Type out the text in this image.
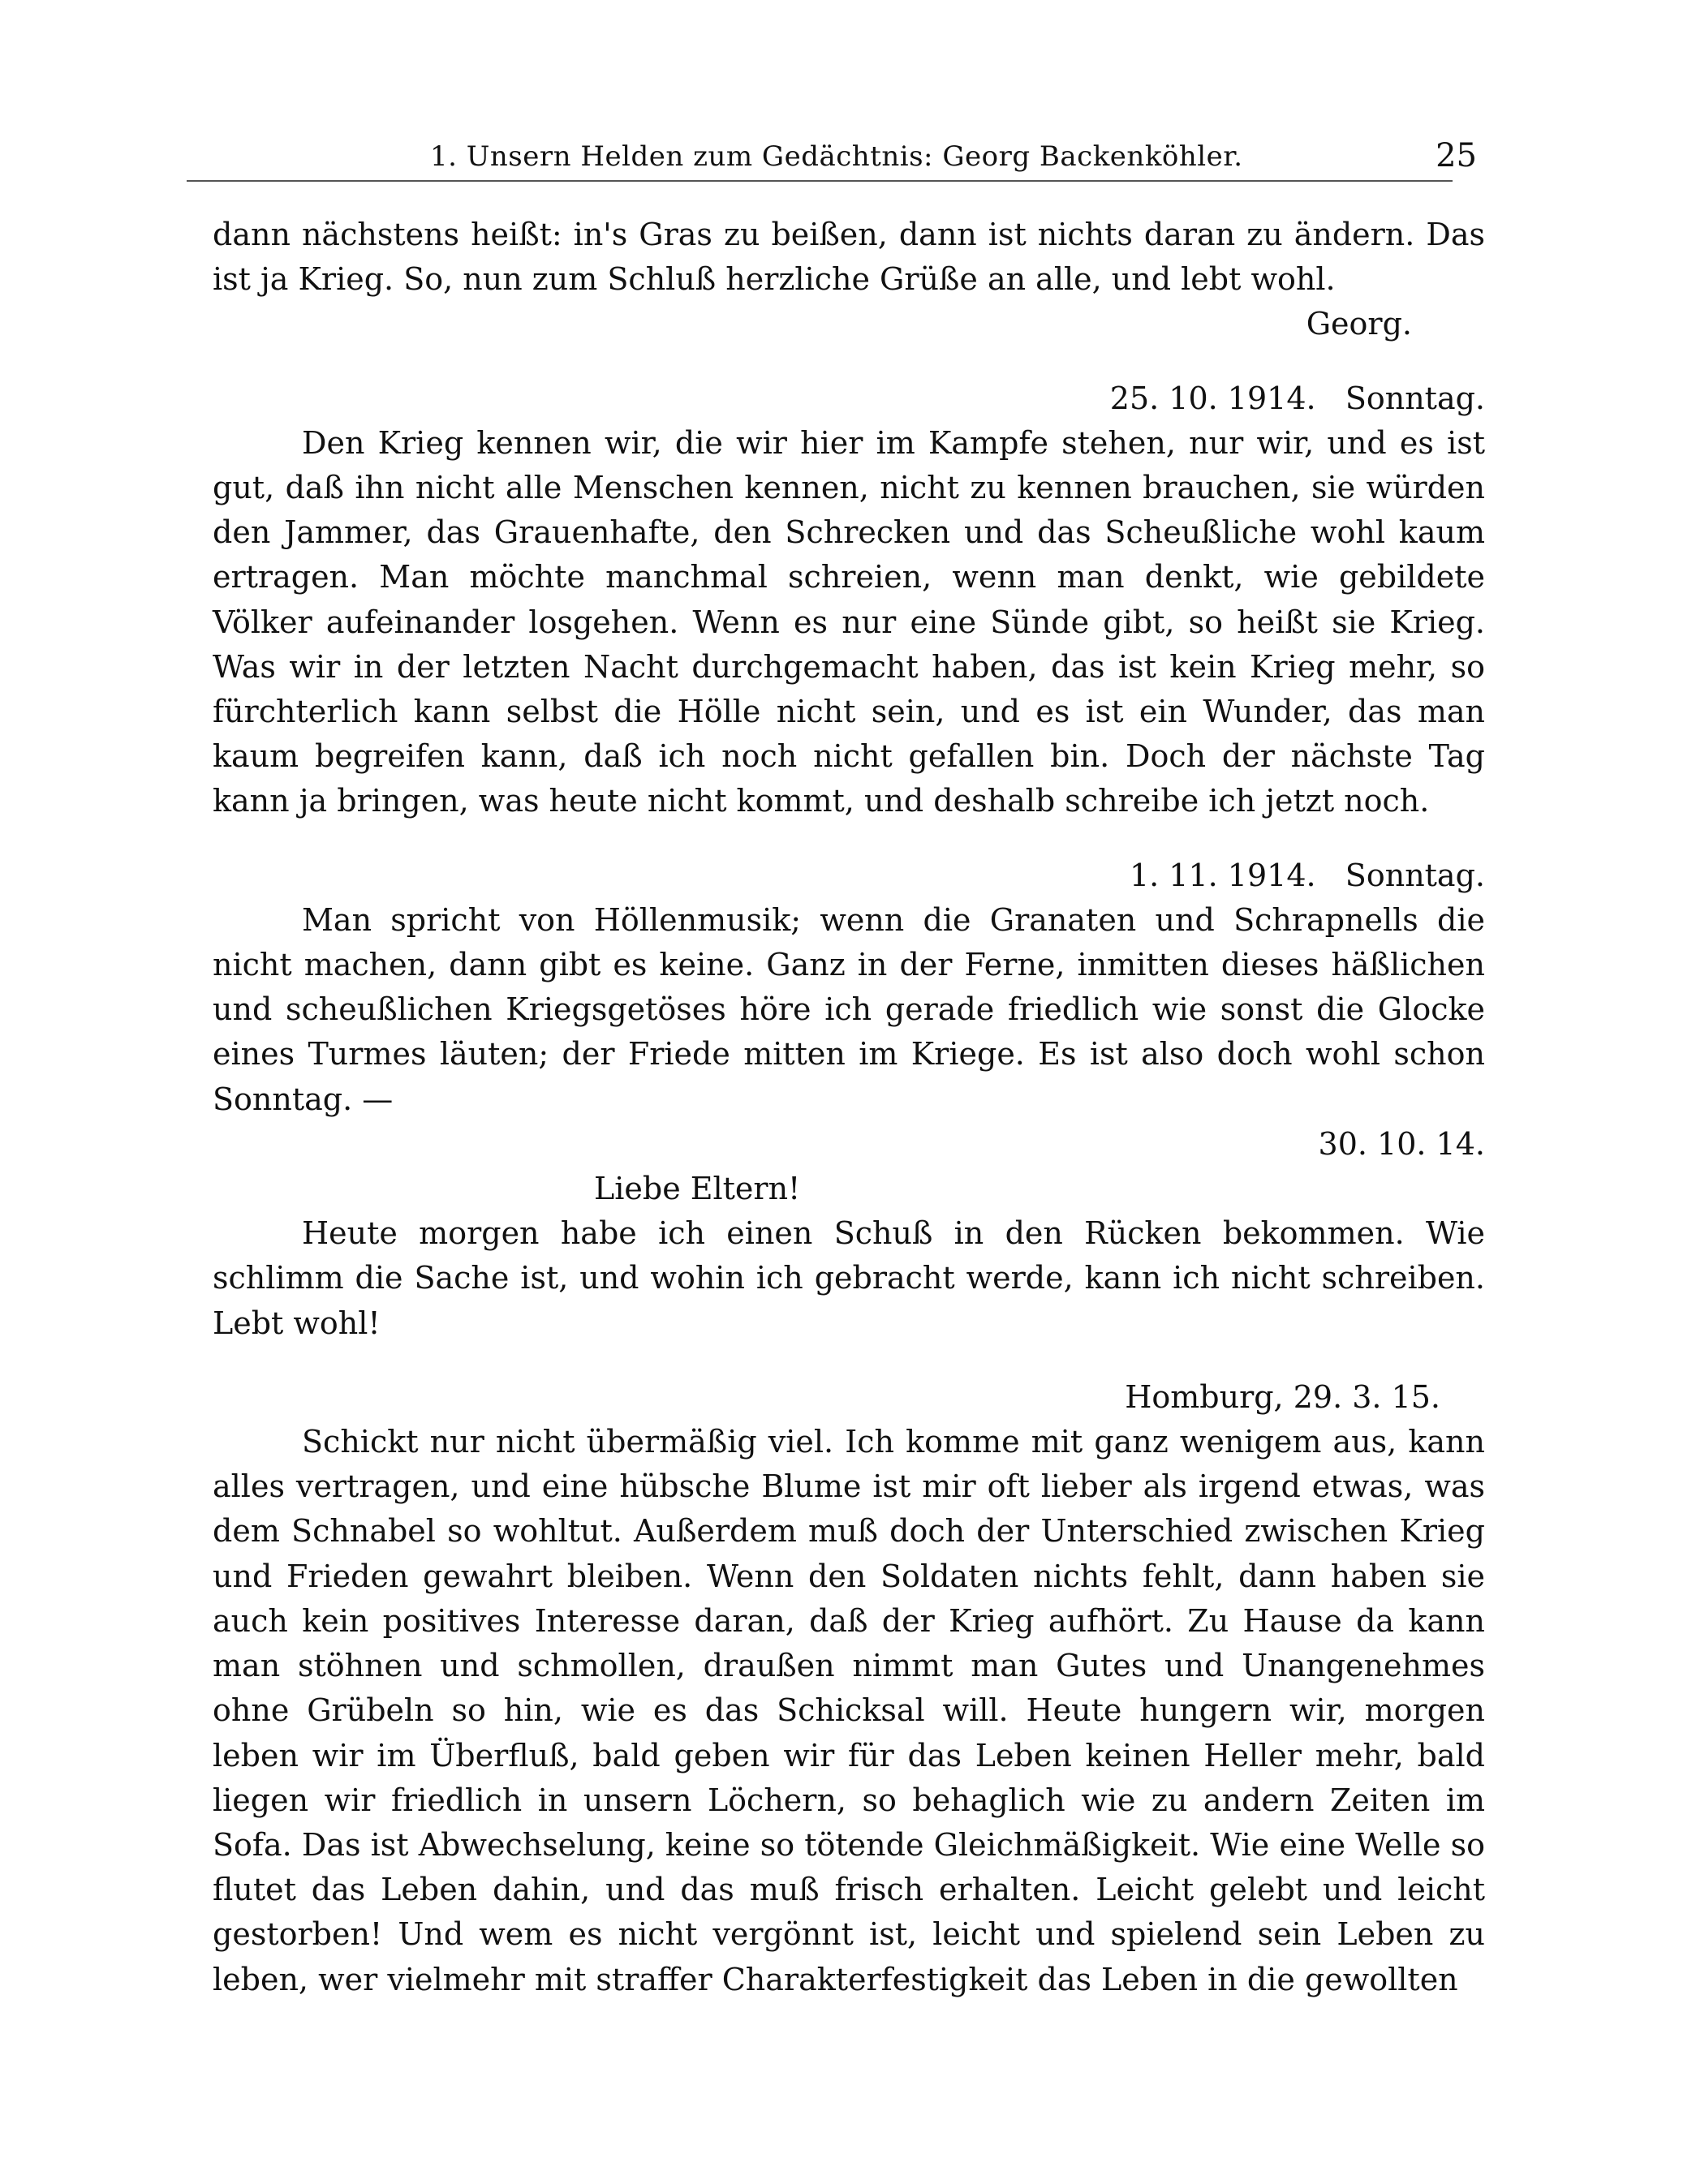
1. Unsern Helden zum Gedächtnis: Georg Backenköhler.	25

dann nächstens heißt: in's Gras zu beißen, dann ist nichts daran zu ändern. Das ist ja Krieg. So, nun zum Schluß herzliche Grüße an alle, und lebt wohl.

Georg.

25. 10. 1914.   Sonntag.

Den Krieg kennen wir, die wir hier im Kampfe stehen, nur wir, und es ist gut, daß ihn nicht alle Menschen kennen, nicht zu kennen brauchen, sie würden den Jammer, das Grauenhafte, den Schrecken und das Scheußliche wohl kaum ertragen. Man möchte manchmal schreien, wenn man denkt, wie gebildete Völker aufeinander losgehen. Wenn es nur eine Sünde gibt, so heißt sie Krieg. Was wir in der letzten Nacht durchgemacht haben, das ist kein Krieg mehr, so fürchterlich kann selbst die Hölle nicht sein, und es ist ein Wunder, das man kaum begreifen kann, daß ich noch nicht gefallen bin. Doch der nächste Tag kann ja bringen, was heute nicht kommt, und deshalb schreibe ich jetzt noch.

1. 11. 1914.   Sonntag.

Man spricht von Höllenmusik; wenn die Granaten und Schrapnells die nicht machen, dann gibt es keine. Ganz in der Ferne, inmitten dieses häßlichen und scheußlichen Kriegsgetöses höre ich gerade friedlich wie sonst die Glocke eines Turmes läuten; der Friede mitten im Kriege. Es ist also doch wohl schon Sonntag. —

30. 10. 14.

Liebe Eltern!

Heute morgen habe ich einen Schuß in den Rücken bekommen. Wie schlimm die Sache ist, und wohin ich gebracht werde, kann ich nicht schreiben. Lebt wohl!

Homburg, 29. 3. 15.

Schickt nur nicht übermäßig viel. Ich komme mit ganz wenigem aus, kann alles vertragen, und eine hübsche Blume ist mir oft lieber als irgend etwas, was dem Schnabel so wohltut. Außerdem muß doch der Unterschied zwischen Krieg und Frieden gewahrt bleiben. Wenn den Soldaten nichts fehlt, dann haben sie auch kein positives Interesse daran, daß der Krieg aufhört. Zu Hause da kann man stöhnen und schmollen, draußen nimmt man Gutes und Unangenehmes ohne Grübeln so hin, wie es das Schicksal will. Heute hungern wir, morgen leben wir im Überfluß, bald geben wir für das Leben keinen Heller mehr, bald liegen wir friedlich in unsern Löchern, so behaglich wie zu andern Zeiten im Sofa. Das ist Abwechselung, keine so tötende Gleichmäßigkeit. Wie eine Welle so flutet das Leben dahin, und das muß frisch erhalten. Leicht gelebt und leicht gestorben! Und wem es nicht vergönnt ist, leicht und spielend sein Leben zu leben, wer vielmehr mit straffer Charakterfestigkeit das Leben in die gewollten
